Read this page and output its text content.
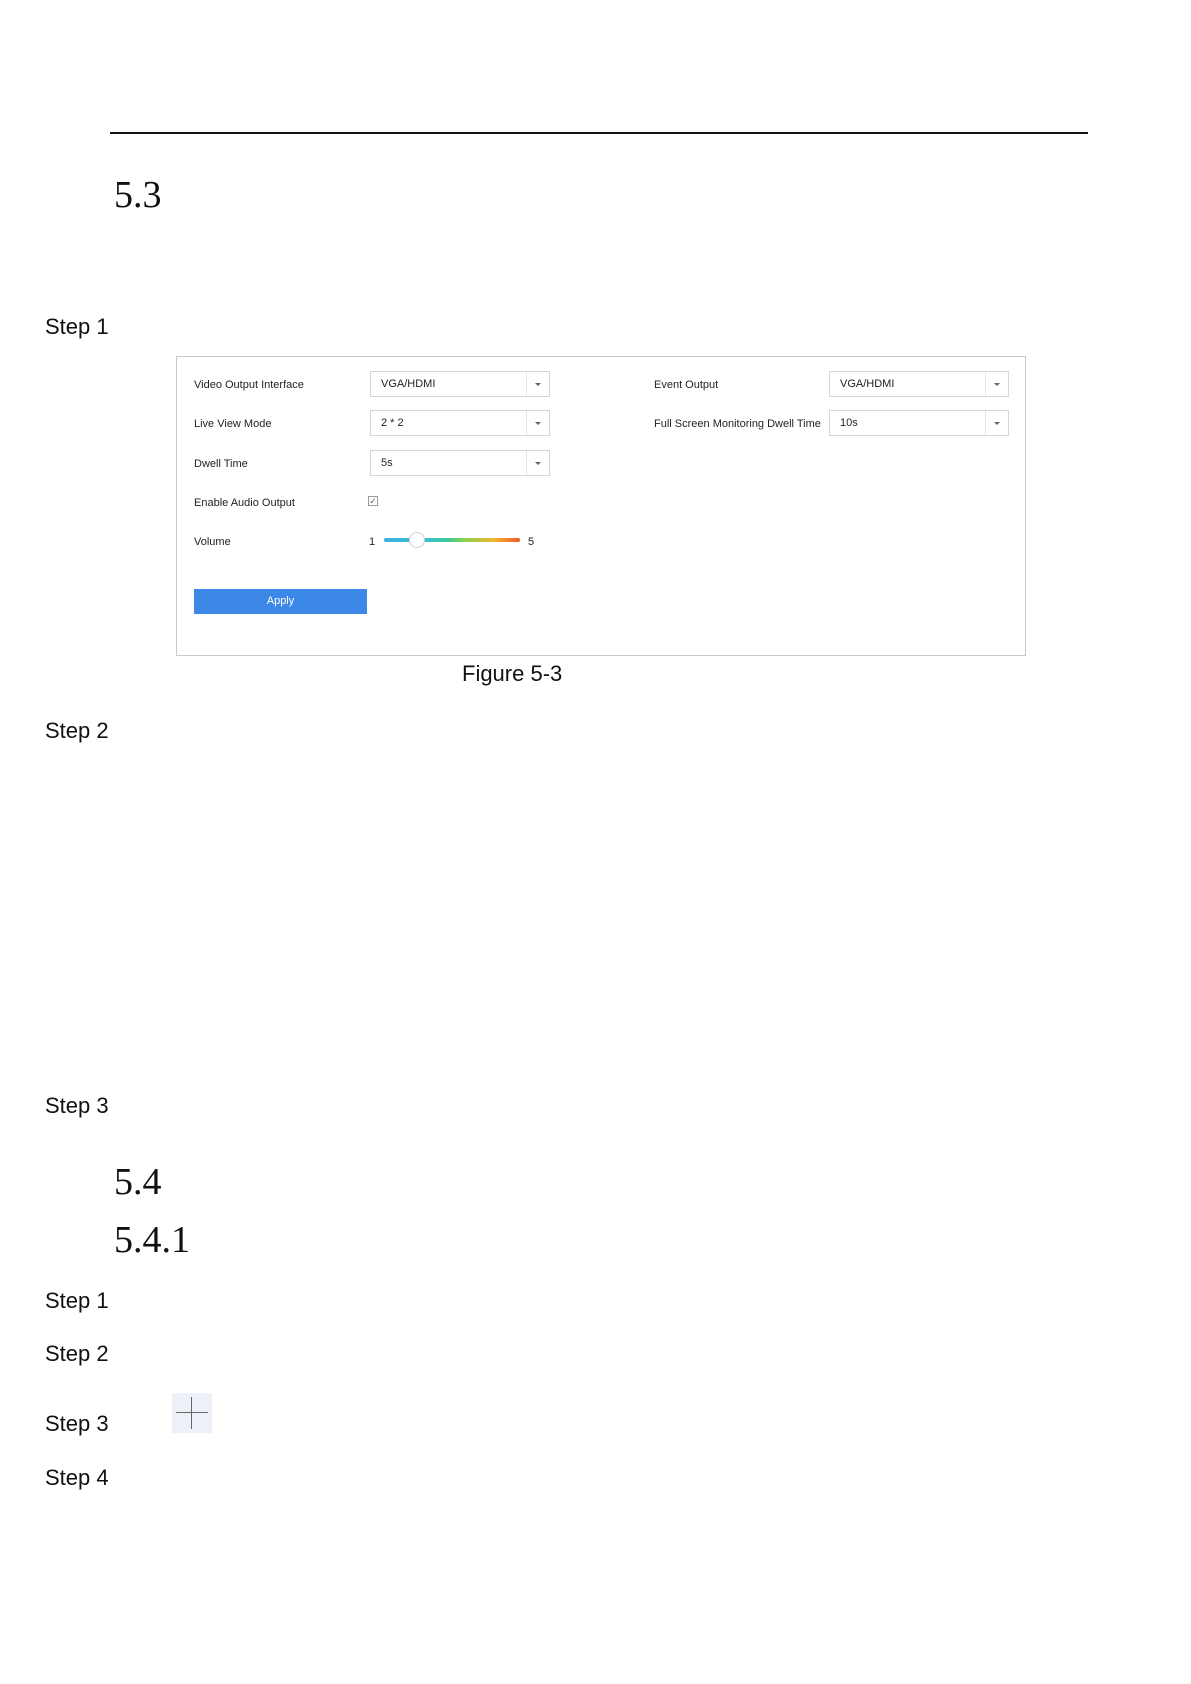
5.3
Step 1
Video Output Interface	VGA/HDMI
Live View Mode	2 * 2
Dwell Time	5s
Enable Audio Output	✓
Volume	1	5
Apply
Event Output	VGA/HDMI
Full Screen Monitoring Dwell Time 10s
Figure 5-3
Step 2
Step 3
5.4
5.4.1
Step 1
Step 2
Step 3
Step 4
